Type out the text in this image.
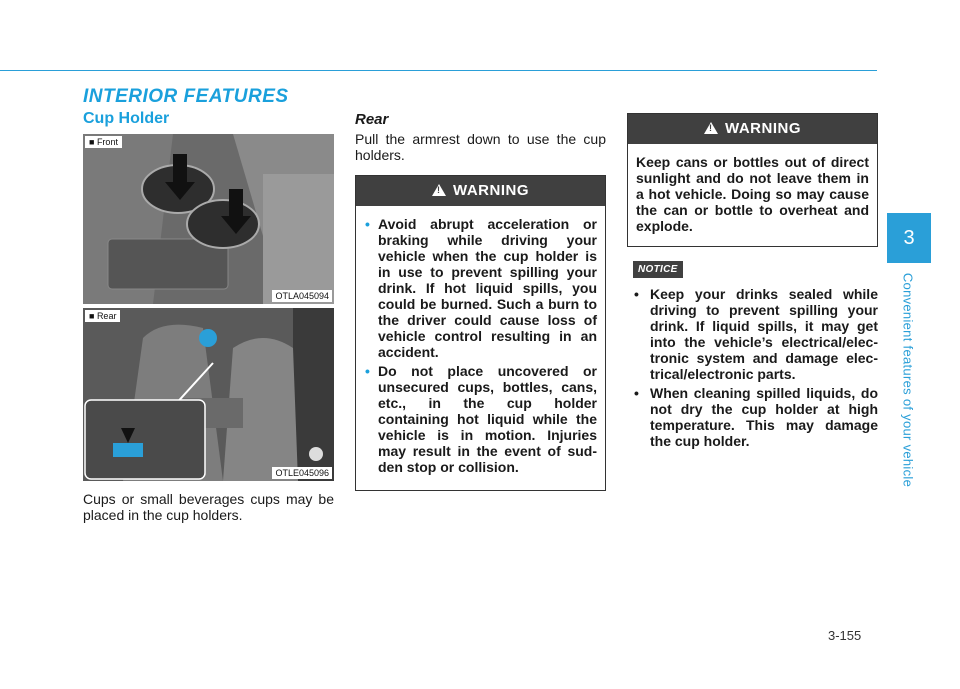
INTERIOR FEATURES
Cup Holder
■ Front
OTLA045094
■ Rear
OTLE045096

Cups or small beverages cups may be placed in the cup holders.

Rear

Pull the armrest down to use the cup holders.

!WARNING
• Avoid abrupt acceleration or braking while driving your vehicle when the cup holder is in use to prevent spilling your drink. If hot liquid spills, you could be burned. Such a burn to the driver could cause loss of vehicle control resulting in an accident.
• Do not place uncovered or unsecured cups, bottles, cans, etc., in the cup holder containing hot liquid while the vehicle is in motion. Injuries may result in the event of sud-den stop or collision.
!WARNING
Keep cans or bottles out of direct sunlight and do not leave them in a hot vehicle. Doing so may cause the can or bottle to overheat and explode.
NOTICE
• Keep your drinks sealed while driving to prevent spilling your drink. If liquid spills, it may get into the vehicle’s electrical/elec-tronic system and damage elec-trical/electronic parts.
• When cleaning spilled liquids, do not dry the cup holder at high temperature. This may damage the cup holder.
3
Convenient features of your vehicle
3-155
